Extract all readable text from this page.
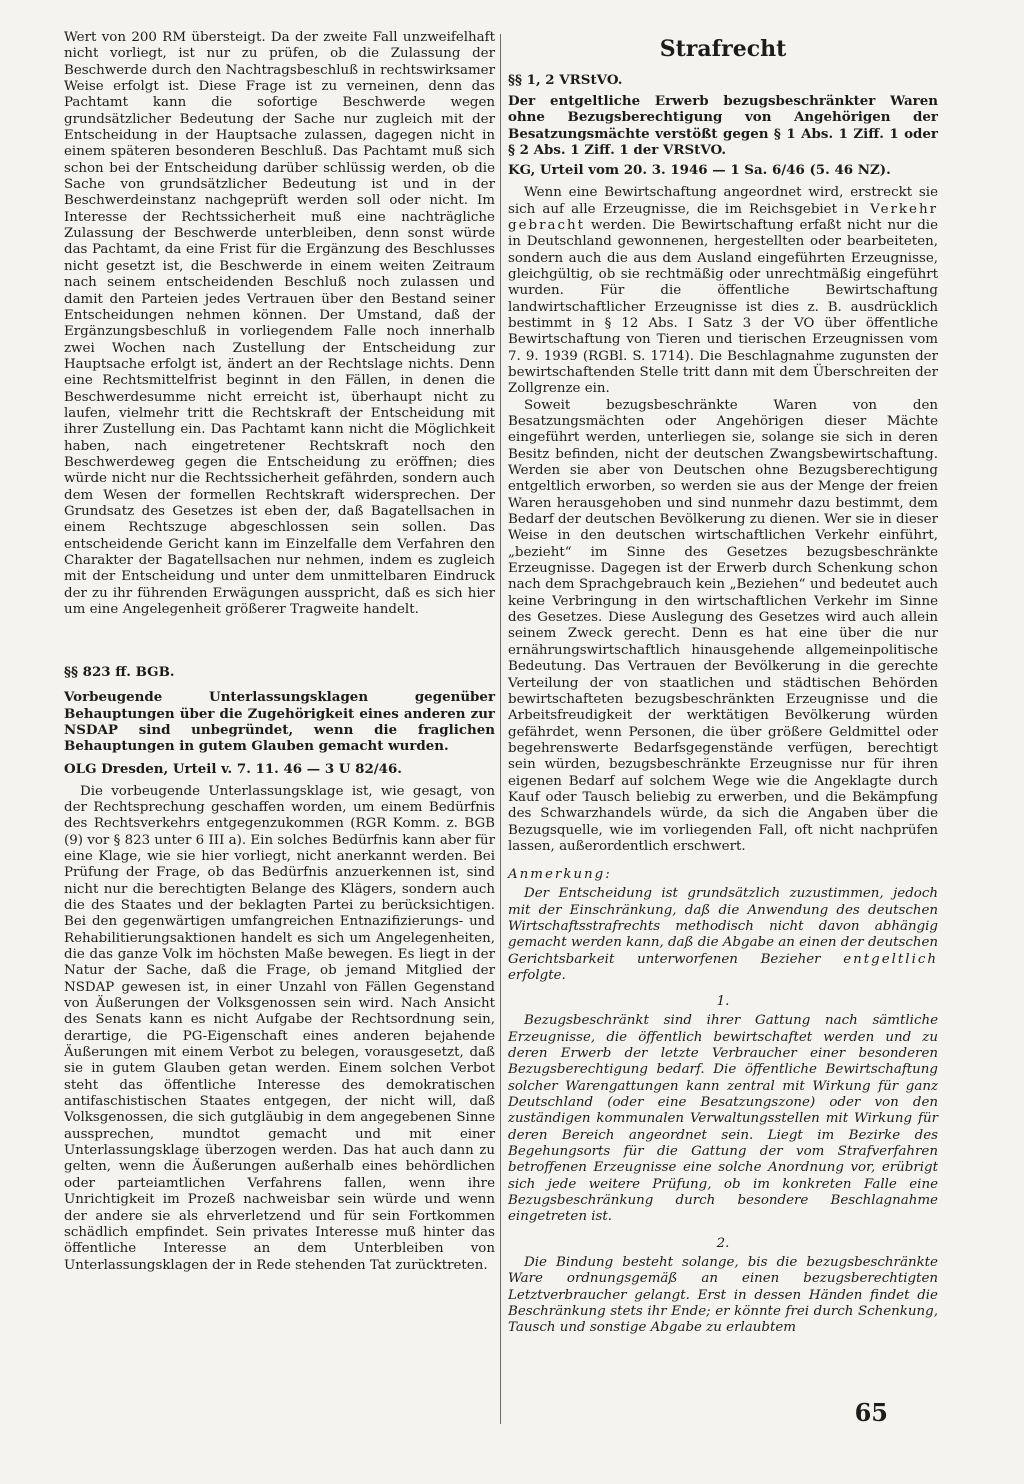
Wert von 200 RM übersteigt. Da der zweite Fall unzweifelhaft nicht vorliegt, ist nur zu prüfen, ob die Zulassung der Beschwerde durch den Nachtragsbeschluß in rechtswirksamer Weise erfolgt ist. Diese Frage ist zu verneinen, denn das Pachtamt kann die sofortige Beschwerde wegen grundsätzlicher Bedeutung der Sache nur zugleich mit der Entscheidung in der Hauptsache zulassen, dagegen nicht in einem späteren besonderen Beschluß. Das Pachtamt muß sich schon bei der Entscheidung darüber schlüssig werden, ob die Sache von grundsätzlicher Bedeutung ist und in der Beschwerdeinstanz nachgeprüft werden soll oder nicht. Im Interesse der Rechtssicherheit muß eine nachträgliche Zulassung der Beschwerde unterbleiben, denn sonst würde das Pachtamt, da eine Frist für die Ergänzung des Beschlusses nicht gesetzt ist, die Beschwerde in einem weiten Zeitraum nach seinem entscheidenden Beschluß noch zulassen und damit den Parteien jedes Vertrauen über den Bestand seiner Entscheidungen nehmen können. Der Umstand, daß der Ergänzungsbeschluß in vorliegendem Falle noch innerhalb zwei Wochen nach Zustellung der Entscheidung zur Hauptsache erfolgt ist, ändert an der Rechtslage nichts. Denn eine Rechtsmittelfrist beginnt in den Fällen, in denen die Beschwerdesumme nicht erreicht ist, überhaupt nicht zu laufen, vielmehr tritt die Rechtskraft der Entscheidung mit ihrer Zustellung ein. Das Pachtamt kann nicht die Möglichkeit haben, nach eingetretener Rechtskraft noch den Beschwerdeweg gegen die Entscheidung zu eröffnen; dies würde nicht nur die Rechtssicherheit gefährden, sondern auch dem Wesen der formellen Rechtskraft widersprechen. Der Grundsatz des Gesetzes ist eben der, daß Bagatellsachen in einem Rechtszuge abgeschlossen sein sollen. Das entscheidende Gericht kann im Einzelfalle dem Verfahren den Charakter der Bagatellsachen nur nehmen, indem es zugleich mit der Entscheidung und unter dem unmittelbaren Eindruck der zu ihr führenden Erwägungen ausspricht, daß es sich hier um eine Angelegenheit größerer Tragweite handelt.

§§ 823 ff. BGB.

Vorbeugende Unterlassungsklagen gegenüber Behauptungen über die Zugehörigkeit eines anderen zur NSDAP sind unbegründet, wenn die fraglichen Behauptungen in gutem Glauben gemacht wurden.

OLG Dresden, Urteil v. 7. 11. 46 — 3 U 82/46.

Die vorbeugende Unterlassungsklage ist, wie gesagt, von der Rechtsprechung geschaffen worden, um einem Bedürfnis des Rechtsverkehrs entgegenzukommen (RGR Komm. z. BGB (9) vor § 823 unter 6 III a). Ein solches Bedürfnis kann aber für eine Klage, wie sie hier vorliegt, nicht anerkannt werden. Bei Prüfung der Frage, ob das Bedürfnis anzuerkennen ist, sind nicht nur die berechtigten Belange des Klägers, sondern auch die des Staates und der beklagten Partei zu berücksichtigen. Bei den gegenwärtigen umfangreichen Entnazifizierungs- und Rehabilitierungsaktionen handelt es sich um Angelegenheiten, die das ganze Volk im höchsten Maße bewegen. Es liegt in der Natur der Sache, daß die Frage, ob jemand Mitglied der NSDAP gewesen ist, in einer Unzahl von Fällen Gegenstand von Äußerungen der Volksgenossen sein wird. Nach Ansicht des Senats kann es nicht Aufgabe der Rechtsordnung sein, derartige, die PG-Eigenschaft eines anderen bejahende Äußerungen mit einem Verbot zu belegen, vorausgesetzt, daß sie in gutem Glauben getan werden. Einem solchen Verbot steht das öffentliche Interesse des demokratischen antifaschistischen Staates entgegen, der nicht will, daß Volksgenossen, die sich gutgläubig in dem angegebenen Sinne aussprechen, mundtot gemacht und mit einer Unterlassungsklage überzogen werden. Das hat auch dann zu gelten, wenn die Äußerungen außerhalb eines behördlichen oder parteiamtlichen Verfahrens fallen, wenn ihre Unrichtigkeit im Prozeß nachweisbar sein würde und wenn der andere sie als ehrverletzend und für sein Fortkommen schädlich empfindet. Sein privates Interesse muß hinter das öffentliche Interesse an dem Unterbleiben von Unterlassungsklagen der in Rede stehenden Tat zurücktreten.

Strafrecht

§§ 1, 2 VRStVO.

Der entgeltliche Erwerb bezugsbeschränkter Waren ohne Bezugsberechtigung von Angehörigen der Besatzungsmächte verstößt gegen § 1 Abs. 1 Ziff. 1 oder § 2 Abs. 1 Ziff. 1 der VRStVO.

KG, Urteil vom 20. 3. 1946 — 1 Sa. 6/46 (5. 46 NZ).

Wenn eine Bewirtschaftung angeordnet wird, erstreckt sie sich auf alle Erzeugnisse, die im Reichsgebiet in Verkehr gebracht werden. Die Bewirtschaftung erfaßt nicht nur die in Deutschland gewonnenen, hergestellten oder bearbeiteten, sondern auch die aus dem Ausland eingeführten Erzeugnisse, gleichgültig, ob sie rechtmäßig oder unrechtmäßig eingeführt wurden. Für die öffentliche Bewirtschaftung landwirtschaftlicher Erzeugnisse ist dies z. B. ausdrücklich bestimmt in § 12 Abs. I Satz 3 der VO über öffentliche Bewirtschaftung von Tieren und tierischen Erzeugnissen vom 7. 9. 1939 (RGBl. S. 1714). Die Beschlagnahme zugunsten der bewirtschaftenden Stelle tritt dann mit dem Überschreiten der Zollgrenze ein.

Soweit bezugsbeschränkte Waren von den Besatzungsmächten oder Angehörigen dieser Mächte eingeführt werden, unterliegen sie, solange sie sich in deren Besitz befinden, nicht der deutschen Zwangsbewirtschaftung. Werden sie aber von Deutschen ohne Bezugsberechtigung entgeltlich erworben, so werden sie aus der Menge der freien Waren herausgehoben und sind nunmehr dazu bestimmt, dem Bedarf der deutschen Bevölkerung zu dienen. Wer sie in dieser Weise in den deutschen wirtschaftlichen Verkehr einführt, „bezieht“ im Sinne des Gesetzes bezugsbeschränkte Erzeugnisse. Dagegen ist der Erwerb durch Schenkung schon nach dem Sprachgebrauch kein „Beziehen“ und bedeutet auch keine Verbringung in den wirtschaftlichen Verkehr im Sinne des Gesetzes. Diese Auslegung des Gesetzes wird auch allein seinem Zweck gerecht. Denn es hat eine über die nur ernährungswirtschaftlich hinausgehende allgemeinpolitische Bedeutung. Das Vertrauen der Bevölkerung in die gerechte Verteilung der von staatlichen und städtischen Behörden bewirtschafteten bezugsbeschränkten Erzeugnisse und die Arbeitsfreudigkeit der werktätigen Bevölkerung würden gefährdet, wenn Personen, die über größere Geldmittel oder begehrenswerte Bedarfsgegenstände verfügen, berechtigt sein würden, bezugsbeschränkte Erzeugnisse nur für ihren eigenen Bedarf auf solchem Wege wie die Angeklagte durch Kauf oder Tausch beliebig zu erwerben, und die Bekämpfung des Schwarzhandels würde, da sich die Angaben über die Bezugsquelle, wie im vorliegenden Fall, oft nicht nachprüfen lassen, außerordentlich erschwert.

Anmerkung:

Der Entscheidung ist grundsätzlich zuzustimmen, jedoch mit der Einschränkung, daß die Anwendung des deutschen Wirtschaftsstrafrechts methodisch nicht davon abhängig gemacht werden kann, daß die Abgabe an einen der deutschen Gerichtsbarkeit unterworfenen Bezieher entgeltlich erfolgte.

1.

Bezugsbeschränkt sind ihrer Gattung nach sämtliche Erzeugnisse, die öffentlich bewirtschaftet werden und zu deren Erwerb der letzte Verbraucher einer besonderen Bezugsberechtigung bedarf. Die öffentliche Bewirtschaftung solcher Warengattungen kann zentral mit Wirkung für ganz Deutschland (oder eine Besatzungszone) oder von den zuständigen kommunalen Verwaltungsstellen mit Wirkung für deren Bereich angeordnet sein. Liegt im Bezirke des Begehungsorts für die Gattung der vom Strafverfahren betroffenen Erzeugnisse eine solche Anordnung vor, erübrigt sich jede weitere Prüfung, ob im konkreten Falle eine Bezugsbeschränkung durch besondere Beschlagnahme eingetreten ist.

2.

Die Bindung besteht solange, bis die bezugsbeschränkte Ware ordnungsgemäß an einen bezugsberechtigten Letztverbraucher gelangt. Erst in dessen Händen findet die Beschränkung stets ihr Ende; er könnte frei durch Schenkung, Tausch und sonstige Abgabe zu erlaubtem

65
